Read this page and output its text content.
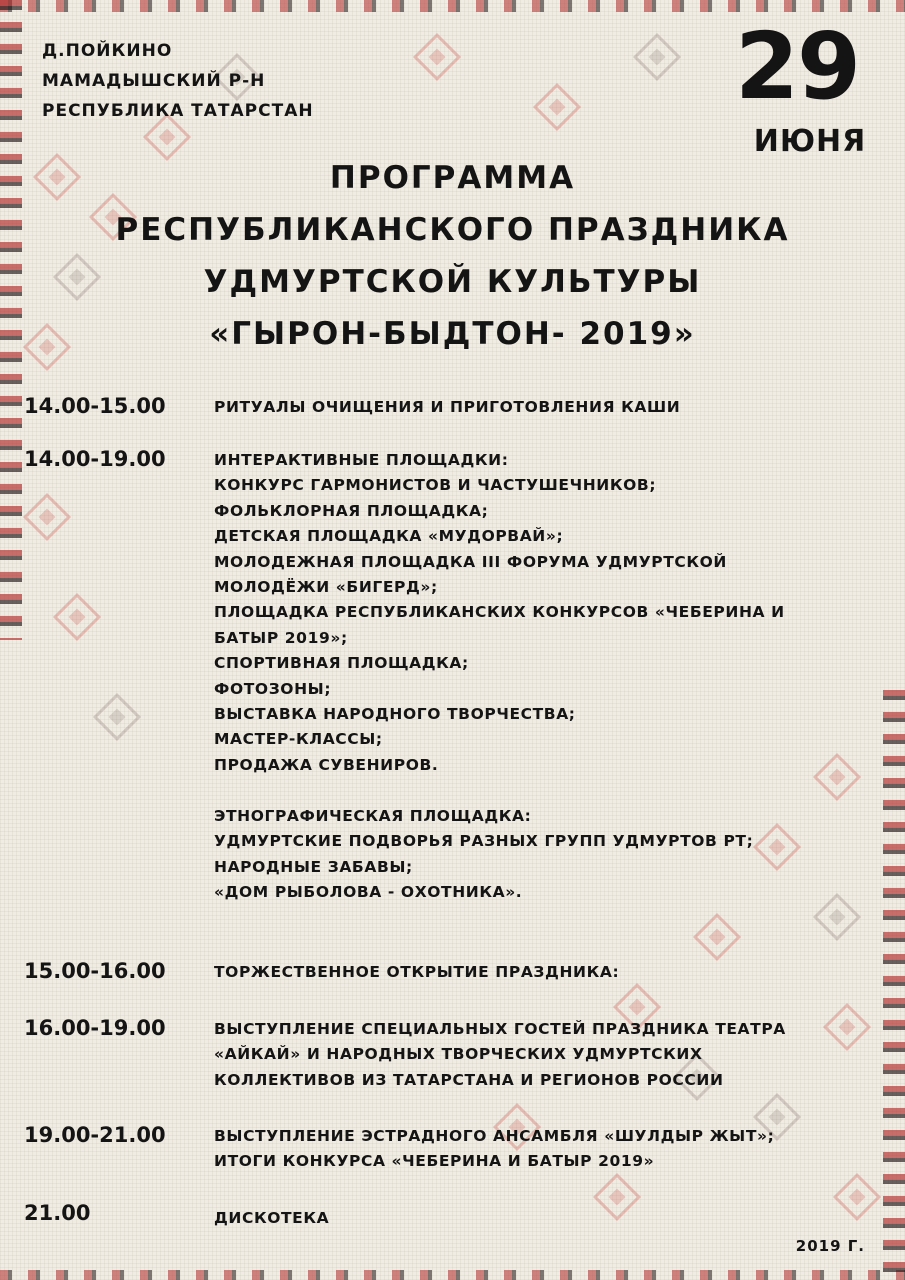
Д.ПОЙКИНО
МАМАДЫШСКИЙ Р-Н
РЕСПУБЛИКА ТАТАРСТАН	29
ИЮНЯ
ПРОГРАММА
РЕСПУБЛИКАНСКОГО ПРАЗДНИКА
УДМУРТСКОЙ КУЛЬТУРЫ
«ГЫРОН-БЫДТОН- 2019»
14.00-15.00	РИТУАЛЫ ОЧИЩЕНИЯ И ПРИГОТОВЛЕНИЯ КАШИ
14.00-19.00	ИНТЕРАКТИВНЫЕ ПЛОЩАДКИ:
КОНКУРС ГАРМОНИСТОВ И ЧАСТУШЕЧНИКОВ;
ФОЛЬКЛОРНАЯ ПЛОЩАДКА;
ДЕТСКАЯ ПЛОЩАДКА «МУДОРВАЙ»;
МОЛОДЕЖНАЯ ПЛОЩАДКА III ФОРУМА УДМУРТСКОЙ
МОЛОДЁЖИ «БИГЕРД»;
ПЛОЩАДКА РЕСПУБЛИКАНСКИХ КОНКУРСОВ «ЧЕБЕРИНА И
БАТЫР 2019»;
СПОРТИВНАЯ ПЛОЩАДКА;
ФОТОЗОНЫ;
ВЫСТАВКА НАРОДНОГО ТВОРЧЕСТВА;
МАСТЕР-КЛАССЫ;
ПРОДАЖА СУВЕНИРОВ.

ЭТНОГРАФИЧЕСКАЯ ПЛОЩАДКА:
УДМУРТСКИЕ ПОДВОРЬЯ РАЗНЫХ ГРУПП УДМУРТОВ РТ;
НАРОДНЫЕ ЗАБАВЫ;
«ДОМ РЫБОЛОВА - ОХОТНИКА».
15.00-16.00	ТОРЖЕСТВЕННОЕ ОТКРЫТИЕ ПРАЗДНИКА:
16.00-19.00	ВЫСТУПЛЕНИЕ СПЕЦИАЛЬНЫХ ГОСТЕЙ ПРАЗДНИКА ТЕАТРА
«АЙКАЙ» И НАРОДНЫХ ТВОРЧЕСКИХ УДМУРТСКИХ
КОЛЛЕКТИВОВ ИЗ ТАТАРСТАНА И РЕГИОНОВ РОССИИ
19.00-21.00	ВЫСТУПЛЕНИЕ ЭСТРАДНОГО АНСАМБЛЯ «ШУЛДЫР ЖЫТ»;
ИТОГИ КОНКУРСА «ЧЕБЕРИНА И БАТЫР 2019»
21.00	ДИСКОТЕКА
2019 Г.
